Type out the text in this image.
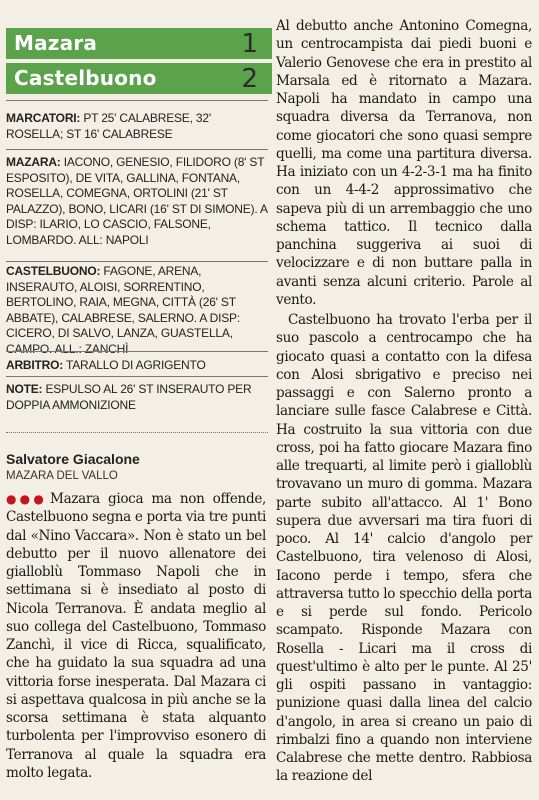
Mazara	1
Castelbuono	2
MARCATORI: PT 25' CALABRESE, 32' ROSELLA; ST 16' CALABRESE
MAZARA: IACONO, GENESIO, FILIDORO (8' ST ESPOSITO), DE VITA, GALLINA, FONTANA, ROSELLA, COMEGNA, ORTOLINI (21' ST PALAZZO), BONO, LICARI (16' ST DI SIMONE). A DISP: ILARIO, LO CASCIO, FALSONE, LOMBARDO. ALL: NAPOLI
CASTELBUONO: FAGONE, ARENA, INSERAUTO, ALOISI, SORRENTINO, BERTOLINO, RAIA, MEGNA, CITTÀ (26' ST ABBATE), CALABRESE, SALERNO. A DISP: CICERO, DI SALVO, LANZA, GUASTELLA, CAMPO. ALL.: ZANCHÌ
ARBITRO: TARALLO DI AGRIGENTO
NOTE: ESPULSO AL 26' ST INSERAUTO PER DOPPIA AMMONIZIONE
Salvatore Giacalone
MAZARA DEL VALLO

●●● Mazara gioca ma non offende, Castelbuono segna e porta via tre punti dal «Nino Vaccara». Non è stato un bel debutto per il nuovo allenatore dei gialloblù Tommaso Napoli che in settimana si è insediato al posto di Nicola Terranova. È andata meglio al suo collega del Castelbuono, Tommaso Zanchì, il vice di Ricca, squalificato, che ha guidato la sua squadra ad una vittoria forse inesperata. Dal Mazara ci si aspettava qualcosa in più anche se la scorsa settimana è stata alquanto turbolenta per l'improvviso esonero di Terranova al quale la squadra era molto legata.

Al debutto anche Antonino Comegna, un centrocampista dai piedi buoni e Valerio Genovese che era in prestito al Marsala ed è ritornato a Mazara. Napoli ha mandato in campo una squadra diversa da Terranova, non come giocatori che sono quasi sempre quelli, ma come una partitura diversa. Ha iniziato con un 4-2-3-1 ma ha finito con un 4-4-2 approssimativo che sapeva più di un arrembaggio che uno schema tattico. Il tecnico dalla panchina suggeriva ai suoi di velocizzare e di non buttare palla in avanti senza alcuni criterio. Parole al vento.

Castelbuono ha trovato l'erba per il suo pascolo a centrocampo che ha giocato quasi a contatto con la difesa con Alosi sbrigativo e preciso nei passaggi e con Salerno pronto a lanciare sulle fasce Calabrese e Città. Ha costruito la sua vittoria con due cross, poi ha fatto giocare Mazara fino alle trequarti, al limite però i gialloblù trovavano un muro di gomma. Mazara parte subito all'attacco. Al 1' Bono supera due avversari ma tira fuori di poco. Al 14' calcio d'angolo per Castelbuono, tira velenoso di Alosi, Iacono perde i tempo, sfera che attraversa tutto lo specchio della porta e si perde sul fondo. Pericolo scampato. Risponde Mazara con Rosella - Licari ma il cross di quest'ultimo è alto per le punte. Al 25' gli ospiti passano in vantaggio: punizione quasi dalla linea del calcio d'angolo, in area si creano un paio di rimbalzi fino a quando non interviene Calabrese che mette dentro. Rabbiosa la reazione del
